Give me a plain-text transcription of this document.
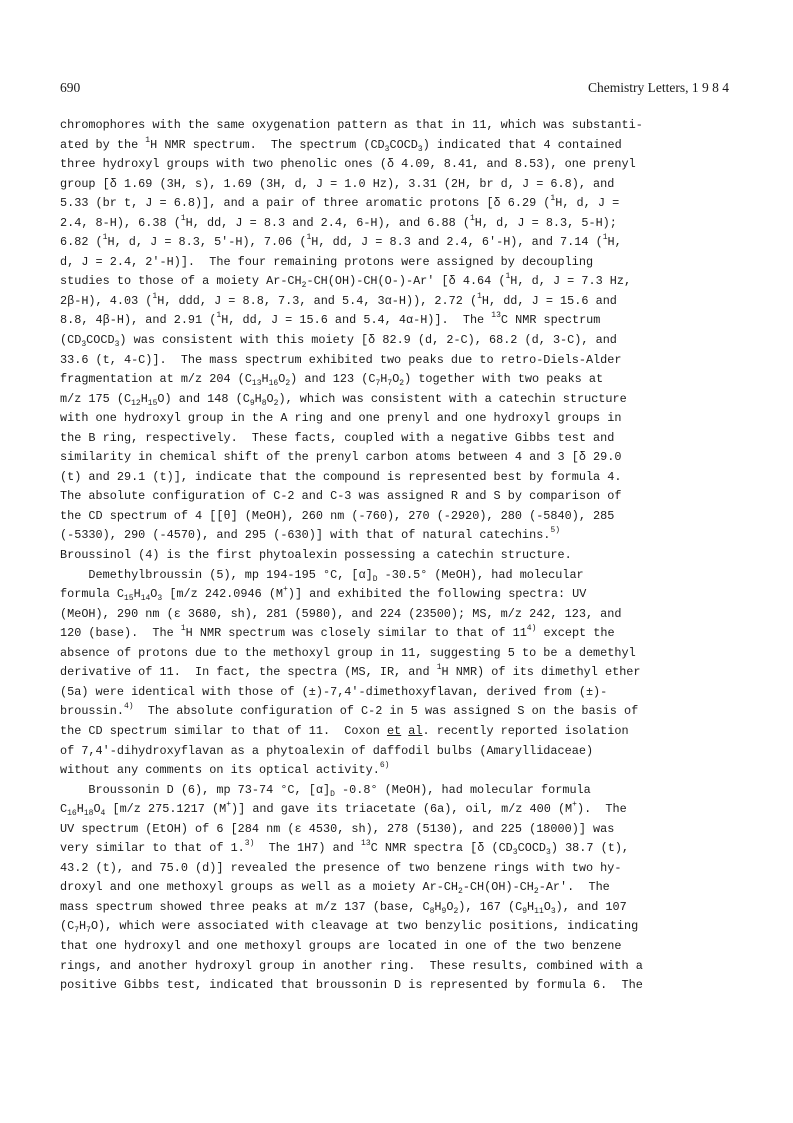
690	Chemistry Letters, 1 9 8 4
chromophores with the same oxygenation pattern as that in 11, which was substanti-
ated by the $^1$H NMR spectrum.  The spectrum $(CD_3COCD_3)$ indicated that 4 contained
three hydroxyl groups with two phenolic ones (δ 4.09, 8.41, and 8.53), one prenyl
group [δ 1.69 (3H, s), 1.69 (3H, d, J = 1.0 Hz), 3.31 (2H, br d, J = 6.8), and
5.33 (br t, J = 6.8)], and a pair of three aromatic protons [δ 6.29 ($^1$H, d, J =
2.4, 8-H), 6.38 ($^1$H, dd, J = 8.3 and 2.4, 6-H), and 6.88 ($^1$H, d, J = 8.3, 5-H);
6.82 ($^1$H, d, J = 8.3, 5'-H), 7.06 ($^1$H, dd, J = 8.3 and 2.4, 6'-H), and 7.14 ($^1$H,
d, J = 2.4, 2'-H)].  The four remaining protons were assigned by decoupling
studies to those of a moiety $Ar-CH_2-CH(OH)-CH(O-)-Ar'$ [δ 4.64 ($^1$H, d, J = 7.3 Hz,
2β-H), 4.03 ($^1$H, ddd, J = 8.8, 7.3, and 5.4, 3α-H)), 2.72 ($^1$H, dd, J = 15.6 and
8.8, 4β-H), and 2.91 ($^1$H, dd, J = 15.6 and 5.4, 4α-H)].  The $^{13}$C NMR spectrum
$(CD_3COCD_3)$ was consistent with this moiety [δ 82.9 (d, 2-C), 68.2 (d, 3-C), and
33.6 (t, 4-C)].  The mass spectrum exhibited two peaks due to retro-Diels-Alder
fragmentation at m/z 204 $(C_{13}H_{16}O_2)$ and 123 $(C_7H_7O_2)$ together with two peaks at
m/z 175 $(C_{12}H_{15}O)$ and 148 $(C_9H_8O_2)$, which was consistent with a catechin structure
with one hydroxyl group in the A ring and one prenyl and one hydroxyl groups in
the B ring, respectively.  These facts, coupled with a negative Gibbs test and
similarity in chemical shift of the prenyl carbon atoms between 4 and 3 [δ 29.0
(t) and 29.1 (t)], indicate that the compound is represented best by formula 4.
The absolute configuration of C-2 and C-3 was assigned R and S by comparison of
the CD spectrum of 4 [[θ] (MeOH), 260 nm (-760), 270 (-2920), 280 (-5840), 285
(-5330), 290 (-4570), and 295 (-630)] with that of natural catechins.$^{5)}$
Broussinol (4) is the first phytoalexin possessing a catechin structure.
Demethylbroussin (5), mp 194-195 °C, $[\alpha]_D$ -30.5° (MeOH), had molecular
formula $C_{15}H_{14}O_3$ [m/z 242.0946 (M+)] and exhibited the following spectra: UV
(MeOH), 290 nm (ε 3680, sh), 281 (5980), and 224 (23500); MS, m/z 242, 123, and
120 (base).  The $^1$H NMR spectrum was closely similar to that of 11$^{4)}$ except the
absence of protons due to the methoxyl group in 11, suggesting 5 to be a demethyl
derivative of 11.  In fact, the spectra (MS, IR, and $^1$H NMR) of its dimethyl ether
(5a) were identical with those of (±)-7,4'-dimethoxyflavan, derived from (±)-
broussin.$^{4)}$  The absolute configuration of C-2 in 5 was assigned S on the basis of
the CD spectrum similar to that of 11.  Coxon et al. recently reported isolation
of 7,4'-dihydroxyflavan as a phytoalexin of daffodil bulbs (Amaryllidaceae)
without any comments on its optical activity.$^{6)}$
Broussonin D (6), mp 73-74 °C, $[\alpha]_D$ -0.8° (MeOH), had molecular formula
$C_{16}H_{18}O_4$ [m/z 275.1217 (M+)] and gave its triacetate (6a), oil, m/z 400 (M+).  The
UV spectrum (EtOH) of 6 [284 nm (ε 4530, sh), 278 (5130), and 225 (18000)] was
very similar to that of 1.$^{3)}$  The 1H7) and $^{13}$C NMR spectra [δ $(CD_3COCD_3)$ 38.7 (t),
43.2 (t), and 75.0 (d)] revealed the presence of two benzene rings with two hy-
droxyl and one methoxyl groups as well as a moiety $Ar-CH_2-CH(OH)-CH_2-Ar'$.  The
mass spectrum showed three peaks at m/z 137 (base, $C_8H_9O_2$), 167 $(C_9H_{11}O_3)$, and 107
$(C_7H_7O)$, which were associated with cleavage at two benzylic positions, indicating
that one hydroxyl and one methoxyl groups are located in one of the two benzene
rings, and another hydroxyl group in another ring.  These results, combined with a
positive Gibbs test, indicated that broussonin D is represented by formula 6.  The
